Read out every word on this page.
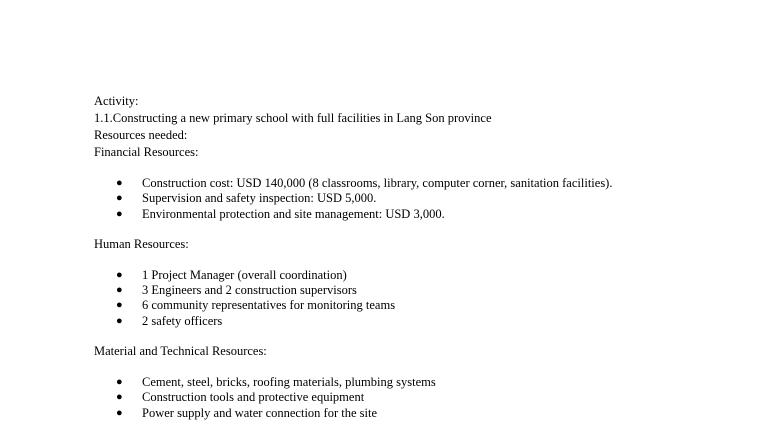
Activity:

1.1.Constructing a new primary school with full facilities in Lang Son province

Resources needed:

Financial Resources:

● Construction cost: USD 140,000 (8 classrooms, library, computer corner, sanitation facilities).
● Supervision and safety inspection: USD 5,000.
● Environmental protection and site management: USD 3,000.

Human Resources:

● 1 Project Manager (overall coordination)
● 3 Engineers and 2 construction supervisors
● 6 community representatives for monitoring teams
● 2 safety officers

Material and Technical Resources:

● Cement, steel, bricks, roofing materials, plumbing systems
● Construction tools and protective equipment
● Power supply and water connection for the site
